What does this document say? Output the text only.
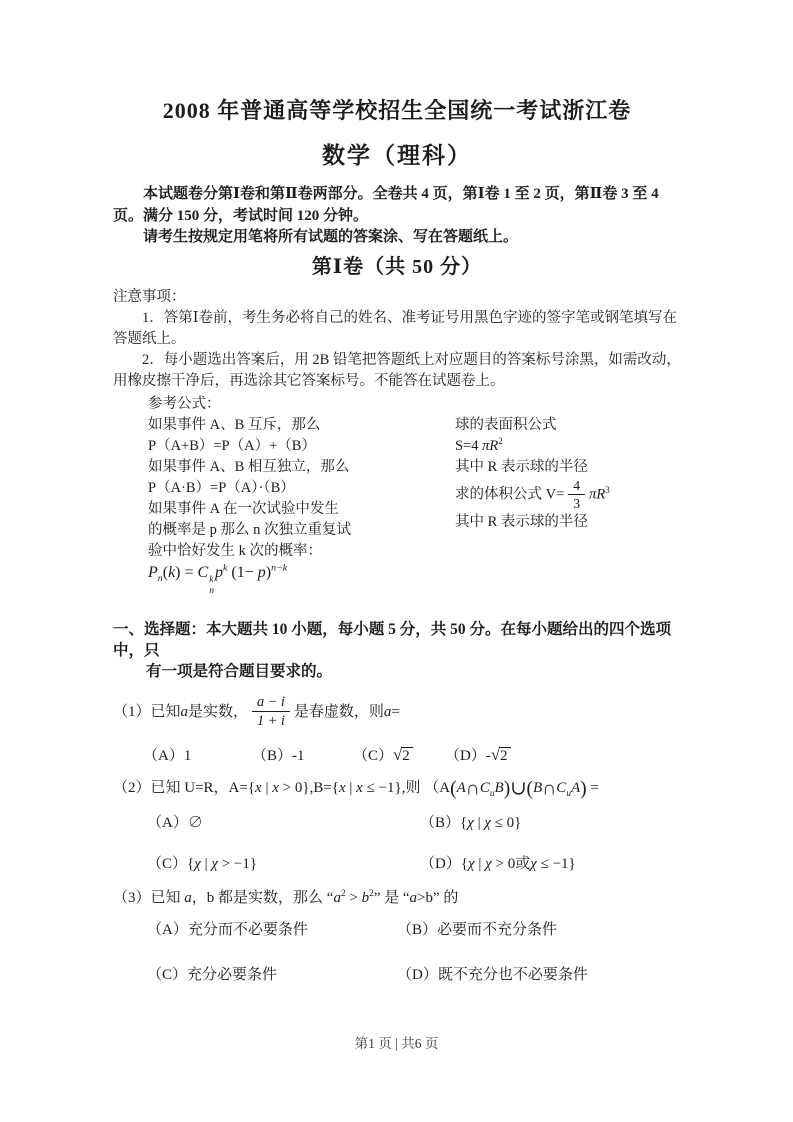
2008 年普通高等学校招生全国统一考试浙江卷
数学（理科）

本试题卷分第Ⅰ卷和第Ⅱ卷两部分。全卷共 4 页，第Ⅰ卷 1 至 2 页，第Ⅱ卷 3 至 4 页。满分 150 分，考试时间 120 分钟。

请考生按规定用笔将所有试题的答案涂、写在答题纸上。

第Ⅰ卷（共 50 分）

注意事项：

1．答第Ⅰ卷前，考生务必将自己的姓名、准考证号用黑色字迹的签字笔或钢笔填写在答题纸上。

2．每小题选出答案后，用 2B 铅笔把答题纸上对应题目的答案标号涂黑，如需改动，用橡皮擦干净后，再选涂其它答案标号。不能答在试题卷上。

参考公式：

如果事件 A、B 互斥，那么

P（A+B）=P（A）+（B）

如果事件 A、B 相互独立，那么

P（A·B）=P（A）·（B）

如果事件 A 在一次试验中发生

的概率是 p 那么 n 次独立重复试

验中恰好发生 k 次的概率：

$P_n(k) = C$ k
n
$p^k$ $(1- p)^{n-k}$

球的表面积公式

S=4 $\pi R^2$

其中 R 表示球的半径

求的体积公式 $V= \frac{4}{3} \pi R^3$

其中 R 表示球的半径

一、选择题：本大题共 10 小题，每小题 5 分，共 50 分。在每小题给出的四个选项中，只

有一项是符合题目要求的。

（1）已知 a 是实数， $\frac{a - i}{1 + i}$ 是春虚数，则 a =

（A）1	（B）-1	（C）√2	（D）-√2

（2）已知 U=R，A={x | x > 0},B={x | x ≤ −1},则 （$A(A\cap C_uB)\cup(B\cap C_uA)$ =

（A）∅	（B）{χ | χ ≤ 0}
（C）{χ | χ > −1}	（D）{χ | χ > 0或χ ≤ −1}

（3）已知 a，b 都是实数，那么 “$a^2 > b^2$” 是 “a>b” 的

（A）充分而不必要条件	（B）必要而不充分条件
（C）充分必要条件	（D）既不充分也不必要条件
第1 页 | 共6 页
